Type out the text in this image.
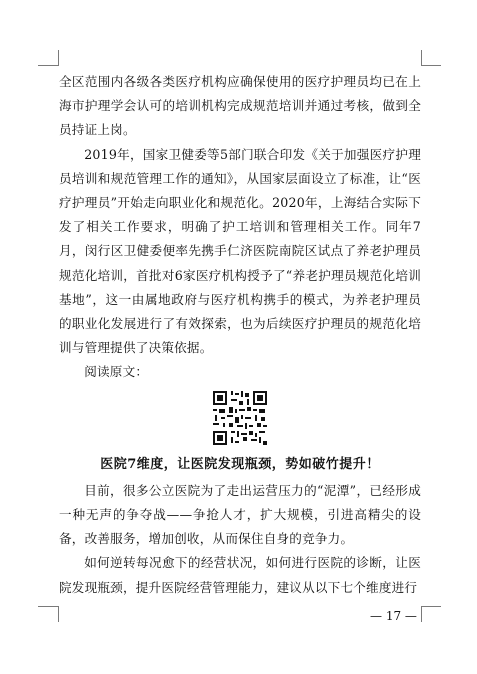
全区范围内各级各类医疗机构应确保使用的医疗护理员均已在上海市护理学会认可的培训机构完成规范培训并通过考核，做到全员持证上岗。

2019年，国家卫健委等5部门联合印发《关于加强医疗护理员培训和规范管理工作的通知》，从国家层面设立了标准，让“医疗护理员”开始走向职业化和规范化。2020年，上海结合实际下发了相关工作要求，明确了护工培训和管理相关工作。同年7月，闵行区卫健委便率先携手仁济医院南院区试点了养老护理员规范化培训，首批对6家医疗机构授予了“养老护理员规范化培训基地”，这一由属地政府与医疗机构携手的模式，为养老护理员的职业化发展进行了有效探索，也为后续医疗护理员的规范化培训与管理提供了决策依据。

阅读原文：

医院7维度，让医院发现瓶颈，势如破竹提升！

目前，很多公立医院为了走出运营压力的“泥潭”，已经形成一种无声的争夺战——争抢人才，扩大规模，引进高精尖的设备，改善服务，增加创收，从而保住自身的竞争力。

如何逆转每况愈下的经营状况，如何进行医院的诊断，让医院发现瓶颈，提升医院经营管理能力，建议从以下七个维度进行

— 17 —
